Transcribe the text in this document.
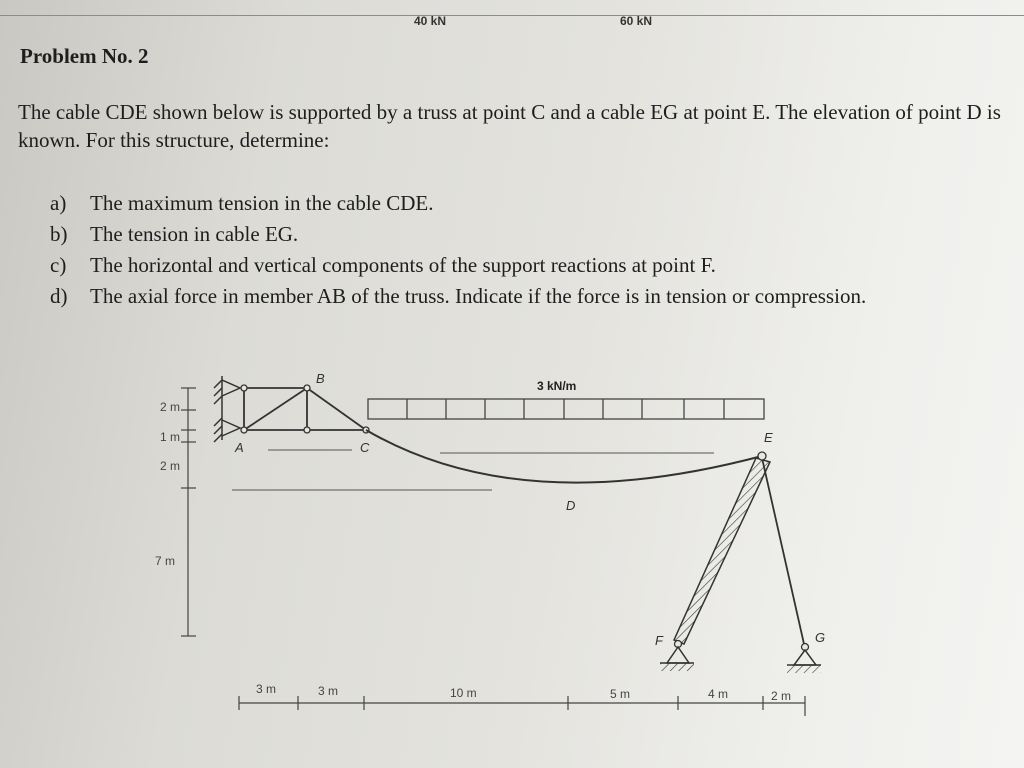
40 kN	60 kN
Problem No. 2
The cable CDE shown below is supported by a truss at point C and a cable EG at point E. The elevation of point D is known. For this structure, determine:
a) The maximum tension in the cable CDE.
b) The tension in cable EG.
c) The horizontal and vertical components of the support reactions at point F.
d) The axial force in member AB of the truss. Indicate if the force is in tension or compression.
3 kN/m
B
A	C
D
E
F	G
2 m
1 m
2 m
7 m
3 m	3 m	10 m	5 m	4 m	2 m
